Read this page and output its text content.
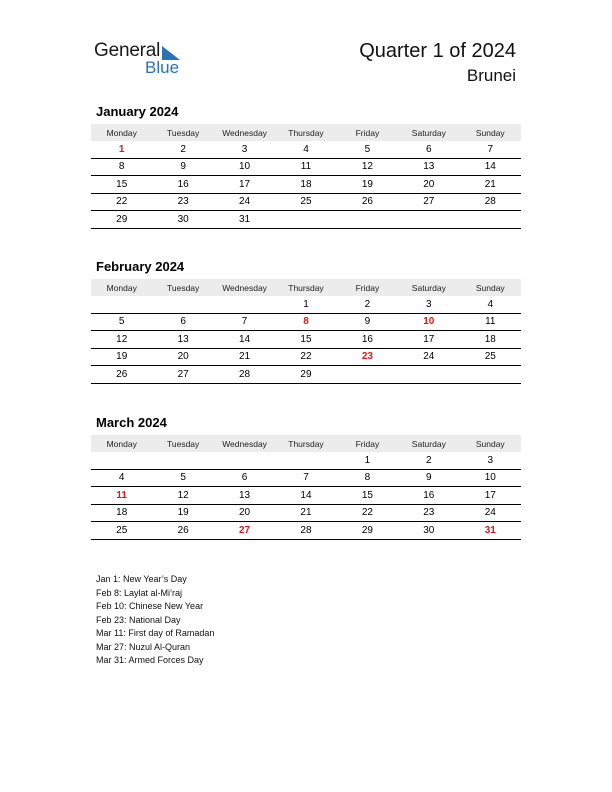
General
Blue
Quarter 1 of 2024
Brunei
January 2024
Monday	Tuesday	Wednesday	Thursday	Friday	Saturday	Sunday
1	2	3	4	5	6	7
8	9	10	11	12	13	14
15	16	17	18	19	20	21
22	23	24	25	26	27	28
29	30	31				
February 2024
Monday	Tuesday	Wednesday	Thursday	Friday	Saturday	Sunday
			1	2	3	4
5	6	7	8	9	10	11
12	13	14	15	16	17	18
19	20	21	22	23	24	25
26	27	28	29			
March 2024
Monday	Tuesday	Wednesday	Thursday	Friday	Saturday	Sunday
				1	2	3
4	5	6	7	8	9	10
11	12	13	14	15	16	17
18	19	20	21	22	23	24
25	26	27	28	29	30	31
Jan 1: New Year’s Day
Feb 8: Laylat al-Mi’raj
Feb 10: Chinese New Year
Feb 23: National Day
Mar 11: First day of Ramadan
Mar 27: Nuzul Al-Quran
Mar 31: Armed Forces Day
